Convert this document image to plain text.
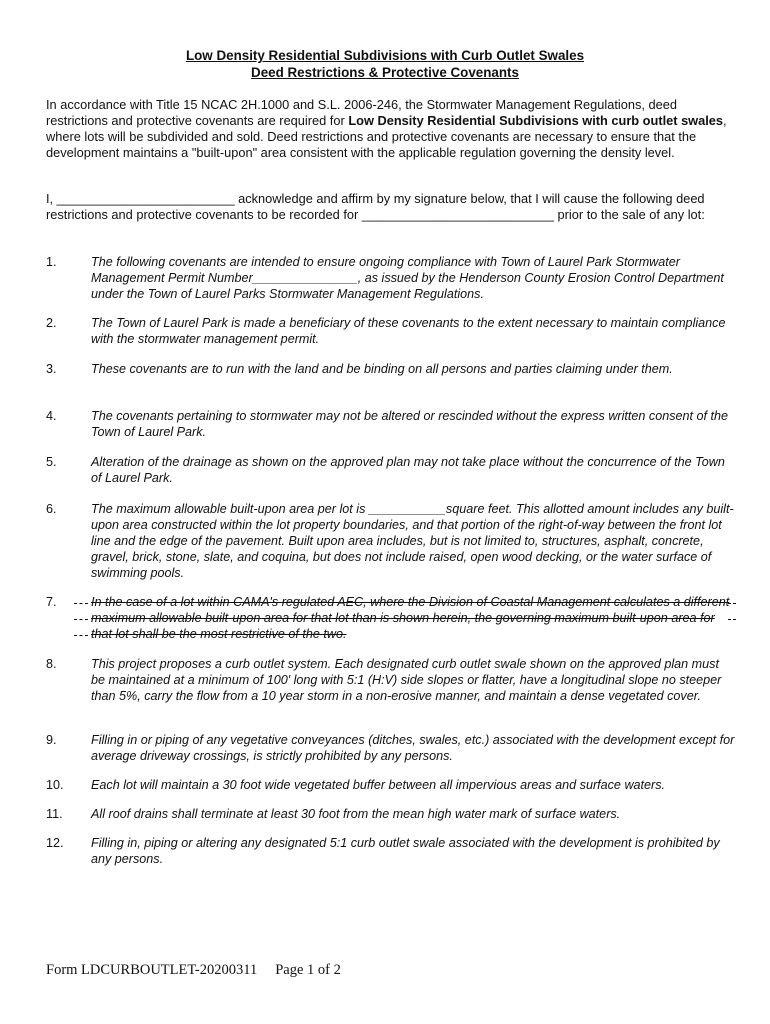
Low Density Residential Subdivisions with Curb Outlet Swales
Deed Restrictions & Protective Covenants
In accordance with Title 15 NCAC 2H.1000 and S.L. 2006-246, the Stormwater Management Regulations, deed restrictions and protective covenants are required for Low Density Residential Subdivisions with curb outlet swales, where lots will be subdivided and sold. Deed restrictions and protective covenants are necessary to ensure that the development maintains a "built-upon" area consistent with the applicable regulation governing the density level.
I, _________________________ acknowledge and affirm by my signature below, that I will cause the following deed restrictions and protective covenants to be recorded for ___________________________ prior to the sale of any lot:
1.	The following covenants are intended to ensure ongoing compliance with Town of Laurel Park Stormwater Management Permit Number_______________, as issued by the Henderson County Erosion Control Department under the Town of Laurel Parks Stormwater Management Regulations.
2.	The Town of Laurel Park is made a beneficiary of these covenants to the extent necessary to maintain compliance with the stormwater management permit.
3.	These covenants are to run with the land and be binding on all persons and parties claiming under them.
4.	The covenants pertaining to stormwater may not be altered or rescinded without the express written consent of the Town of Laurel Park.
5.	Alteration of the drainage as shown on the approved plan may not take place without the concurrence of the Town of Laurel Park.
6.	The maximum allowable built-upon area per lot is ___________square feet. This allotted amount includes any built-upon area constructed within the lot property boundaries, and that portion of the right-of-way between the front lot line and the edge of the pavement. Built upon area includes, but is not limited to, structures, asphalt, concrete, gravel, brick, stone, slate, and coquina, but does not include raised, open wood decking, or the water surface of swimming pools.
7.	In the case of a lot within CAMA's regulated AEC, where the Division of Coastal Management calculates a different maximum allowable built-upon area for that lot than is shown herein, the governing maximum built-upon area for that lot shall be the most restrictive of the two.
8.	This project proposes a curb outlet system. Each designated curb outlet swale shown on the approved plan must be maintained at a minimum of 100' long with 5:1 (H:V) side slopes or flatter, have a longitudinal slope no steeper than 5%, carry the flow from a 10 year storm in a non-erosive manner, and maintain a dense vegetated cover.
9.	Filling in or piping of any vegetative conveyances (ditches, swales, etc.) associated with the development except for average driveway crossings, is strictly prohibited by any persons.
10. Each lot will maintain a 30 foot wide vegetated buffer between all impervious areas and surface waters.
11. All roof drains shall terminate at least 30 foot from the mean high water mark of surface waters.
12. Filling in, piping or altering any designated 5:1 curb outlet swale associated with the development is prohibited by any persons.
Form LDCURBOUTLET-20200311 Page 1 of 2
